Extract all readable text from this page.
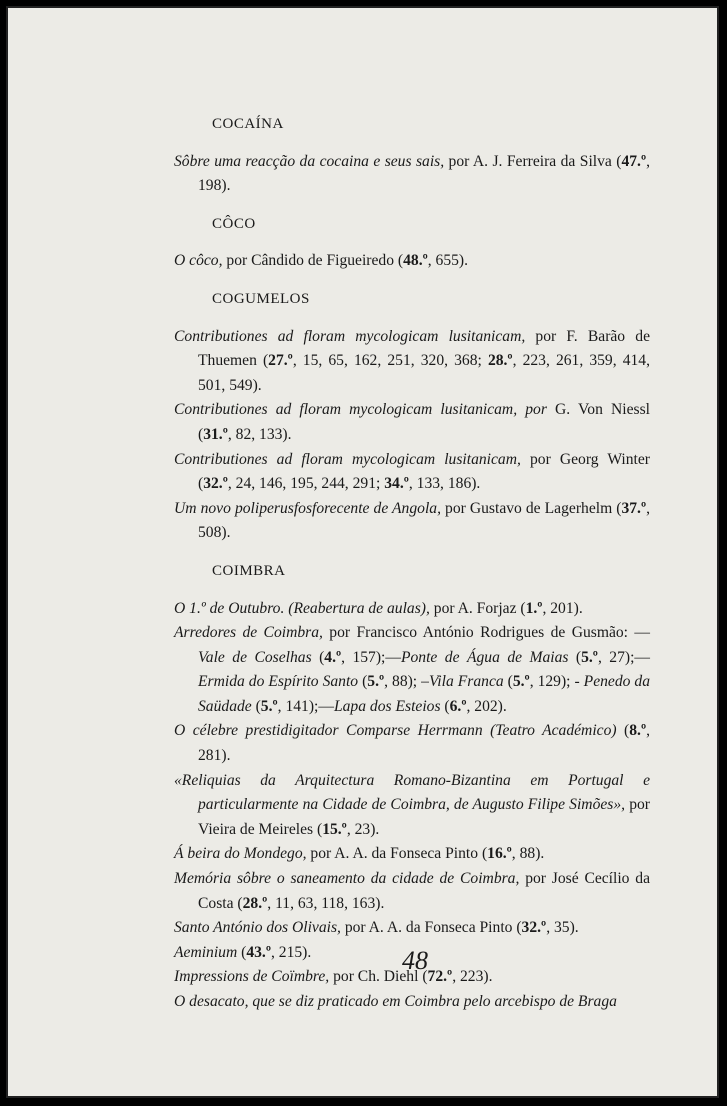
COCAÍNA
Sôbre uma reacção da cocaina e seus sais, por A. J. Ferreira da Silva (47.º, 198).
CÔCO
O côco, por Cândido de Figueiredo (48.º, 655).
COGUMELOS
Contributiones ad floram mycologicam lusitanicam, por F. Barão de Thuemen (27.º, 15, 65, 162, 251, 320, 368; 28.º, 223, 261, 359, 414, 501, 549).
Contributiones ad floram mycologicam lusitanicam, por G. Von Niessl (31.º, 82, 133).
Contributiones ad floram mycologicam lusitanicam, por Georg Winter (32.º, 24, 146, 195, 244, 291; 34.º, 133, 186).
Um novo poliperusfosforecente de Angola, por Gustavo de Lagerhelm (37.º, 508).
COIMBRA
O 1.º de Outubro. (Reabertura de aulas), por A. Forjaz (1.º, 201).
Arredores de Coimbra, por Francisco António Rodrigues de Gusmão: —Vale de Coselhas (4.º, 157);—Ponte de Água de Maias (5.º, 27);— Ermida do Espírito Santo (5.º, 88); –Vila Franca (5.º, 129); - Penedo da Saüdade (5.º, 141);—Lapa dos Esteios (6.º, 202).
O célebre prestidigitador Comparse Herrmann (Teatro Académico) (8.º, 281).
«Reliquias da Arquitectura Romano-Bizantina em Portugal e particularmente na Cidade de Coimbra, de Augusto Filipe Simões», por Vieira de Meireles (15.º, 23).
Á beira do Mondego, por A. A. da Fonseca Pinto (16.º, 88).
Memória sôbre o saneamento da cidade de Coimbra, por José Cecílio da Costa (28.º, 11, 63, 118, 163).
Santo António dos Olivais, por A. A. da Fonseca Pinto (32.º, 35).
Aeminium (43.º, 215).
Impressions de Coïmbre, por Ch. Diehl (72.º, 223).
O desacato, que se diz praticado em Coimbra pelo arcebispo de Braga
48
